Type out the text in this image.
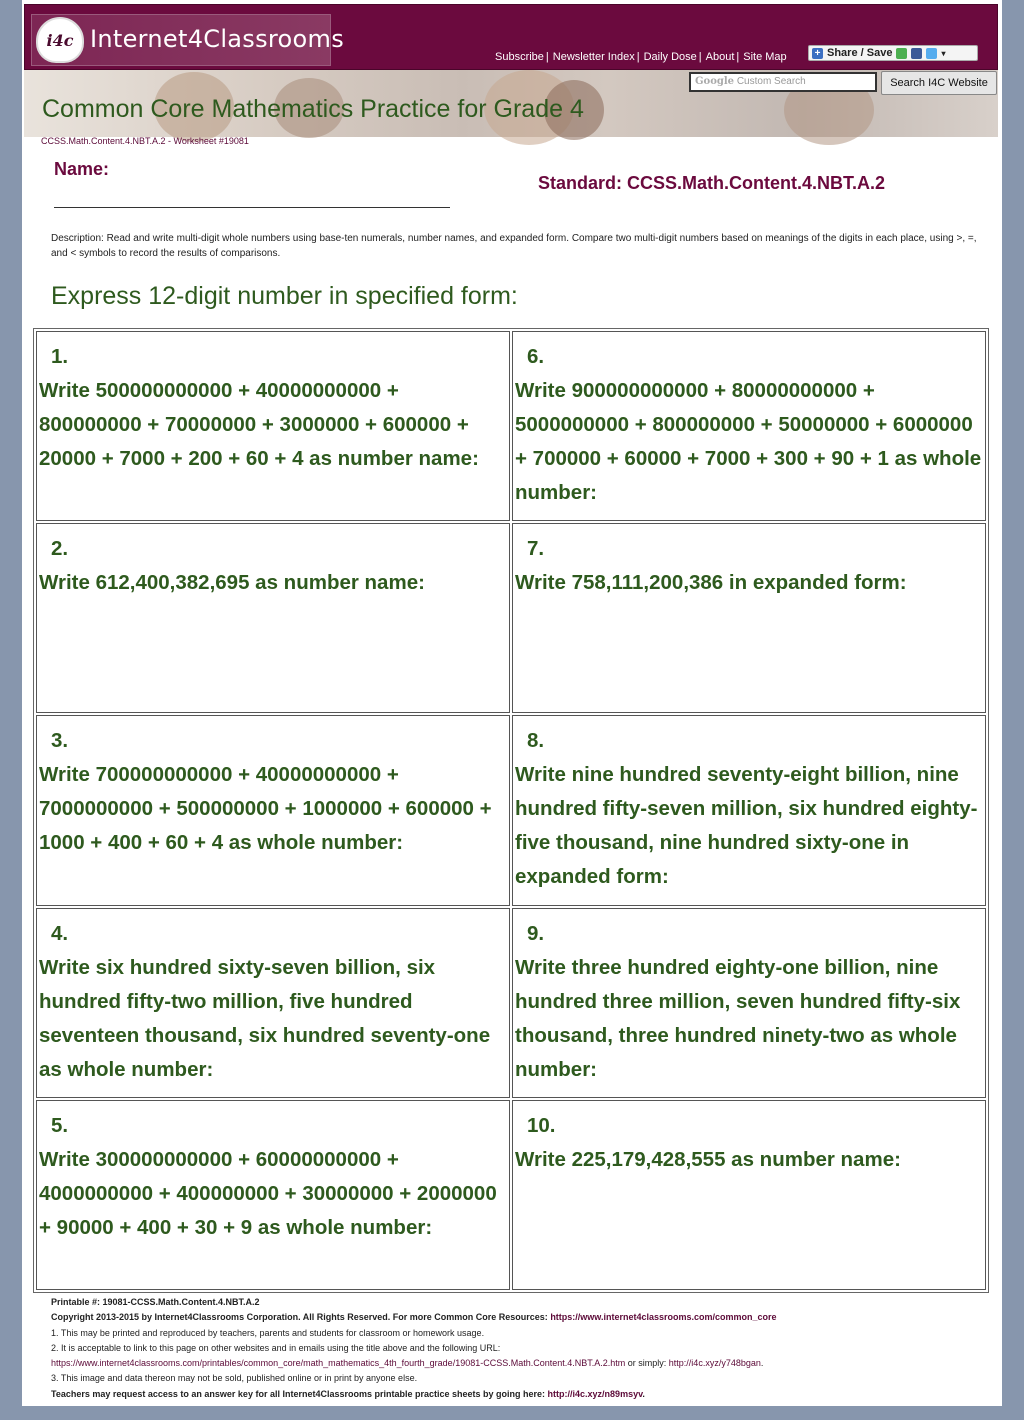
i4c Internet4Classrooms
Subscribe | Newsletter Index | Daily Dose | About | Site Map	+ Share / Save	▾
Google Custom Search	Search I4C Website
Common Core Mathematics Practice for Grade 4
CCSS.Math.Content.4.NBT.A.2 - Worksheet #19081
Name:
Standard: CCSS.Math.Content.4.NBT.A.2
Description: Read and write multi-digit whole numbers using base-ten numerals, number names, and expanded form. Compare two multi-digit numbers based on meanings of the digits in each place, using >, =, and < symbols to record the results of comparisons.
Express 12-digit number in specified form:
1.
Write 500000000000 + 40000000000 + 800000000 + 70000000 + 3000000 + 600000 + 20000 + 7000 + 200 + 60 + 4 as number name:
6.
Write 900000000000 + 80000000000 + 5000000000 + 800000000 + 50000000 + 6000000 + 700000 + 60000 + 7000 + 300 + 90 + 1 as whole number:
2.
Write 612,400,382,695 as number name:
7.
Write 758,111,200,386 in expanded form:
3.
Write 700000000000 + 40000000000 + 7000000000 + 500000000 + 1000000 + 600000 + 1000 + 400 + 60 + 4 as whole number:
8.
Write nine hundred seventy-eight billion, nine hundred fifty-seven million, six hundred eighty-five thousand, nine hundred sixty-one in expanded form:
4.
Write six hundred sixty-seven billion, six hundred fifty-two million, five hundred seventeen thousand, six hundred seventy-one as whole number:
9.
Write three hundred eighty-one billion, nine hundred three million, seven hundred fifty-six thousand, three hundred ninety-two as whole number:
5.
Write 300000000000 + 60000000000 + 4000000000 + 400000000 + 30000000 + 2000000 + 90000 + 400 + 30 + 9 as whole number:
10.
Write 225,179,428,555 as number name:
Printable #: 19081-CCSS.Math.Content.4.NBT.A.2
Copyright 2013-2015 by Internet4Classrooms Corporation. All Rights Reserved. For more Common Core Resources: https://www.internet4classrooms.com/common_core
1. This may be printed and reproduced by teachers, parents and students for classroom or homework usage.
2. It is acceptable to link to this page on other websites and in emails using the title above and the following URL:
https://www.internet4classrooms.com/printables/common_core/math_mathematics_4th_fourth_grade/19081-CCSS.Math.Content.4.NBT.A.2.htm or simply: http://i4c.xyz/y748bgan.
3. This image and data thereon may not be sold, published online or in print by anyone else.
Teachers may request access to an answer key for all Internet4Classrooms printable practice sheets by going here: http://i4c.xyz/n89msyv.
